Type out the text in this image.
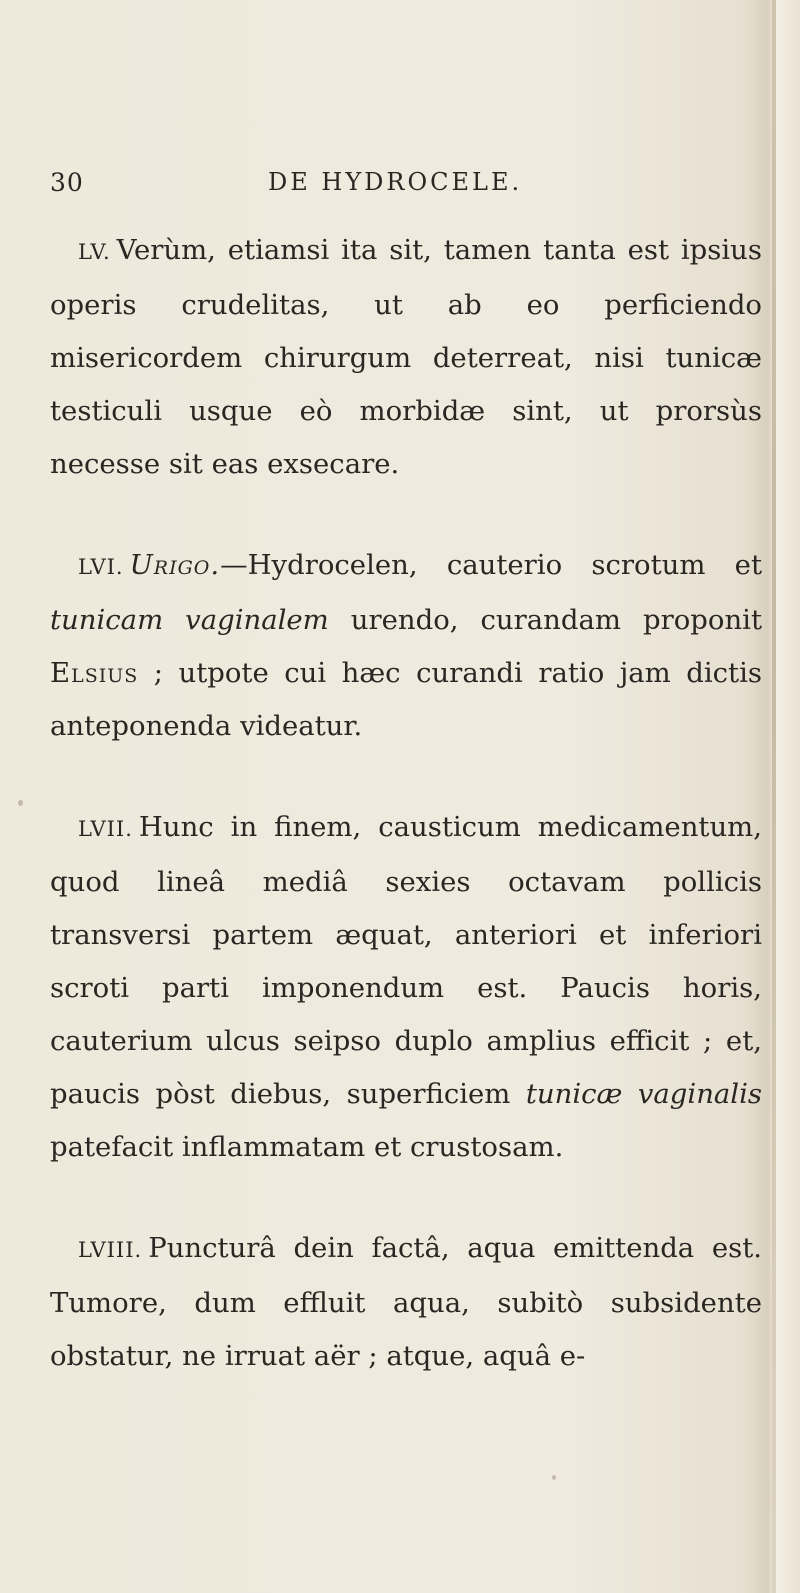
30	DE HYDROCELE.

LV. Verùm, etiamsi ita sit, tamen tanta est ipsius operis crudelitas, ut ab eo perficiendo misericordem chirurgum deterreat, nisi tunicæ testiculi usque eò morbidæ sint, ut prorsùs necesse sit eas exsecare.

LVI. Urigo.—Hydrocelen, cauterio scrotum et tunicam vaginalem urendo, curandam proponit Elsius ; utpote cui hæc curandi ratio jam dictis anteponenda videatur.

LVII. Hunc in finem, causticum medicamentum, quod lineâ mediâ sexies octavam pollicis transversi partem æquat, anteriori et inferiori scroti parti imponendum est. Paucis horis, cauterium ulcus seipso duplo amplius efficit ; et, paucis pòst diebus, superficiem tunicæ vaginalis patefacit inflammatam et crustosam.

LVIII. Puncturâ dein factâ, aqua emittenda est. Tumore, dum effluit aqua, subitò subsidente obstatur, ne irruat aër ; atque, aquâ e-
